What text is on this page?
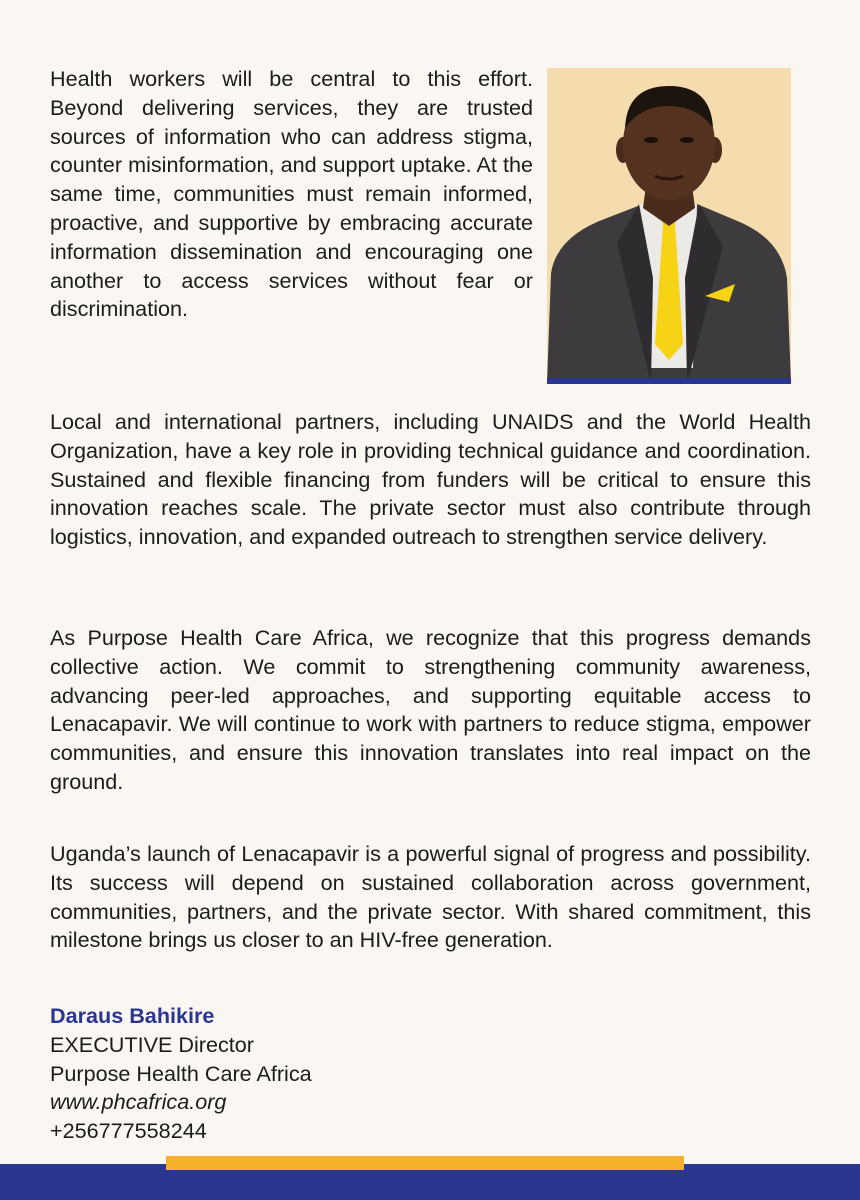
Health workers will be central to this effort. Beyond delivering services, they are trusted sources of information who can address stigma, counter misinformation, and support uptake. At the same time, communities must remain informed, proactive, and supportive by embracing accurate information dissemination and encouraging one another to access services without fear or discrimination.

Local and international partners, including UNAIDS and the World Health Organization, have a key role in providing technical guidance and coordination. Sustained and flexible financing from funders will be critical to ensure this innovation reaches scale. The private sector must also contribute through logistics, innovation, and expanded outreach to strengthen service delivery.

As Purpose Health Care Africa, we recognize that this progress demands collective action. We commit to strengthening community awareness, advancing peer-led approaches, and supporting equitable access to Lenacapavir. We will continue to work with partners to reduce stigma, empower communities, and ensure this innovation translates into real impact on the ground.

Uganda’s launch of Lenacapavir is a powerful signal of progress and possibility. Its success will depend on sustained collaboration across government, communities, partners, and the private sector. With shared commitment, this milestone brings us closer to an HIV-free generation.

Daraus Bahikire
EXECUTIVE Director
Purpose Health Care Africa
www.phcafrica.org
+256777558244
